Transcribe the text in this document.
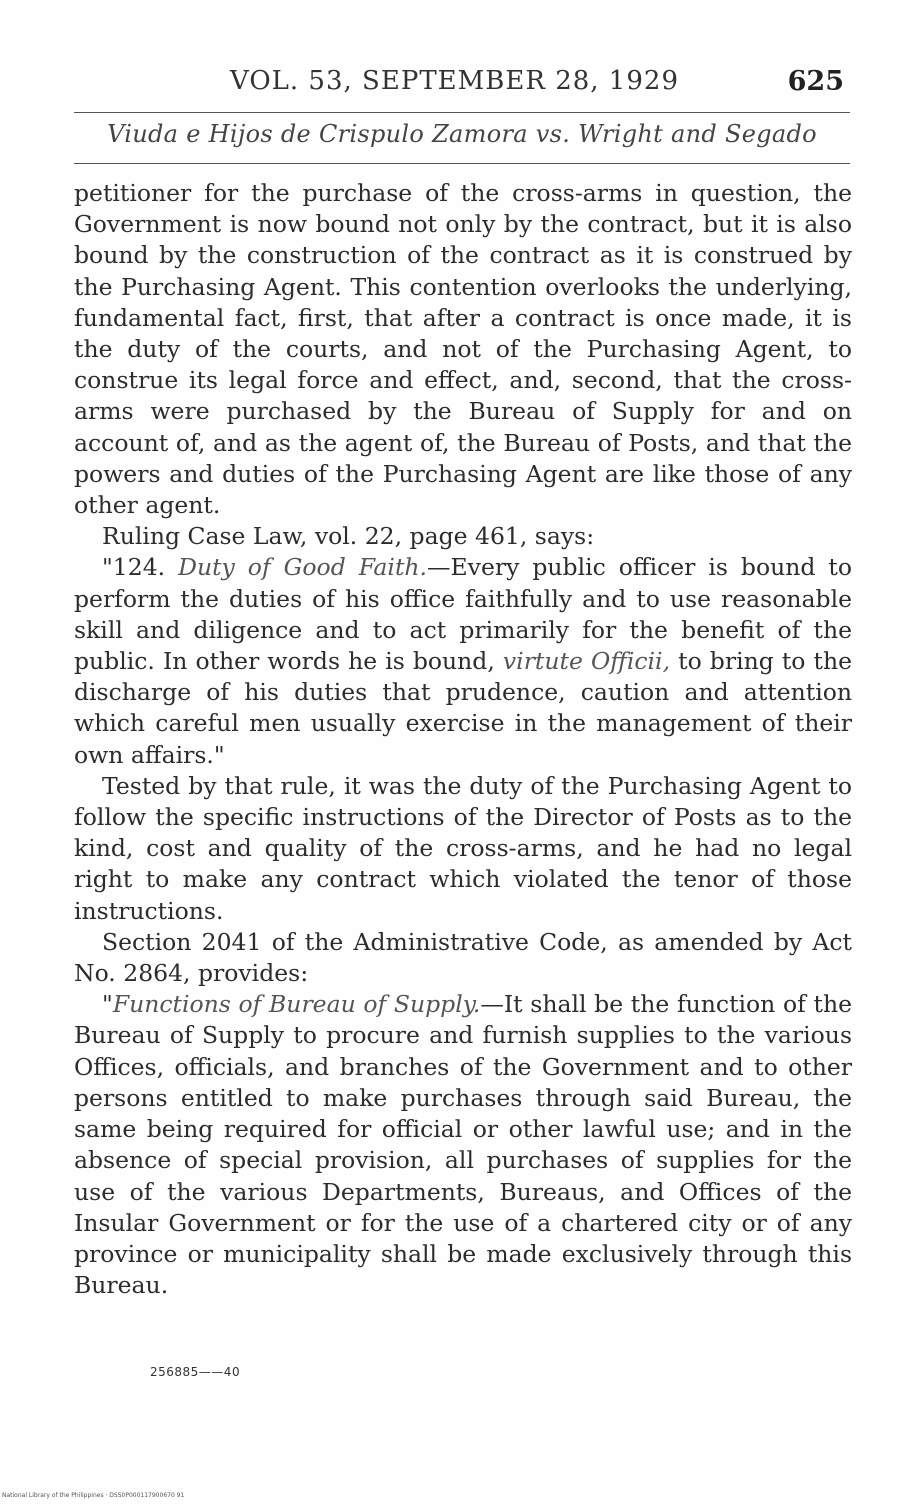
VOL. 53, SEPTEMBER 28, 1929	625
Viuda e Hijos de Crispulo Zamora vs. Wright and Segado

petitioner for the purchase of the cross-arms in question, the Government is now bound not only by the contract, but it is also bound by the construction of the contract as it is construed by the Purchasing Agent. This contention overlooks the underlying, fundamental fact, first, that after a contract is once made, it is the duty of the courts, and not of the Purchasing Agent, to construe its legal force and effect, and, second, that the cross-arms were purchased by the Bureau of Supply for and on account of, and as the agent of, the Bureau of Posts, and that the powers and duties of the Purchasing Agent are like those of any other agent.

Ruling Case Law, vol. 22, page 461, says:

"124. Duty of Good Faith.—Every public officer is bound to perform the duties of his office faithfully and to use reasonable skill and diligence and to act primarily for the benefit of the public. In other words he is bound, virtute Officii, to bring to the discharge of his duties that prudence, caution and attention which careful men usually exercise in the management of their own affairs."

Tested by that rule, it was the duty of the Purchasing Agent to follow the specific instructions of the Director of Posts as to the kind, cost and quality of the cross-arms, and he had no legal right to make any contract which violated the tenor of those instructions.

Section 2041 of the Administrative Code, as amended by Act No. 2864, provides:

"Functions of Bureau of Supply.—It shall be the function of the Bureau of Supply to procure and furnish supplies to the various Offices, officials, and branches of the Government and to other persons entitled to make purchases through said Bureau, the same being required for official or other lawful use; and in the absence of special provision, all purchases of supplies for the use of the various Departments, Bureaus, and Offices of the Insular Government or for the use of a chartered city or of any province or municipality shall be made exclusively through this Bureau.

256885——40
National Library of the Philippines · DSS0P000117900670 91
